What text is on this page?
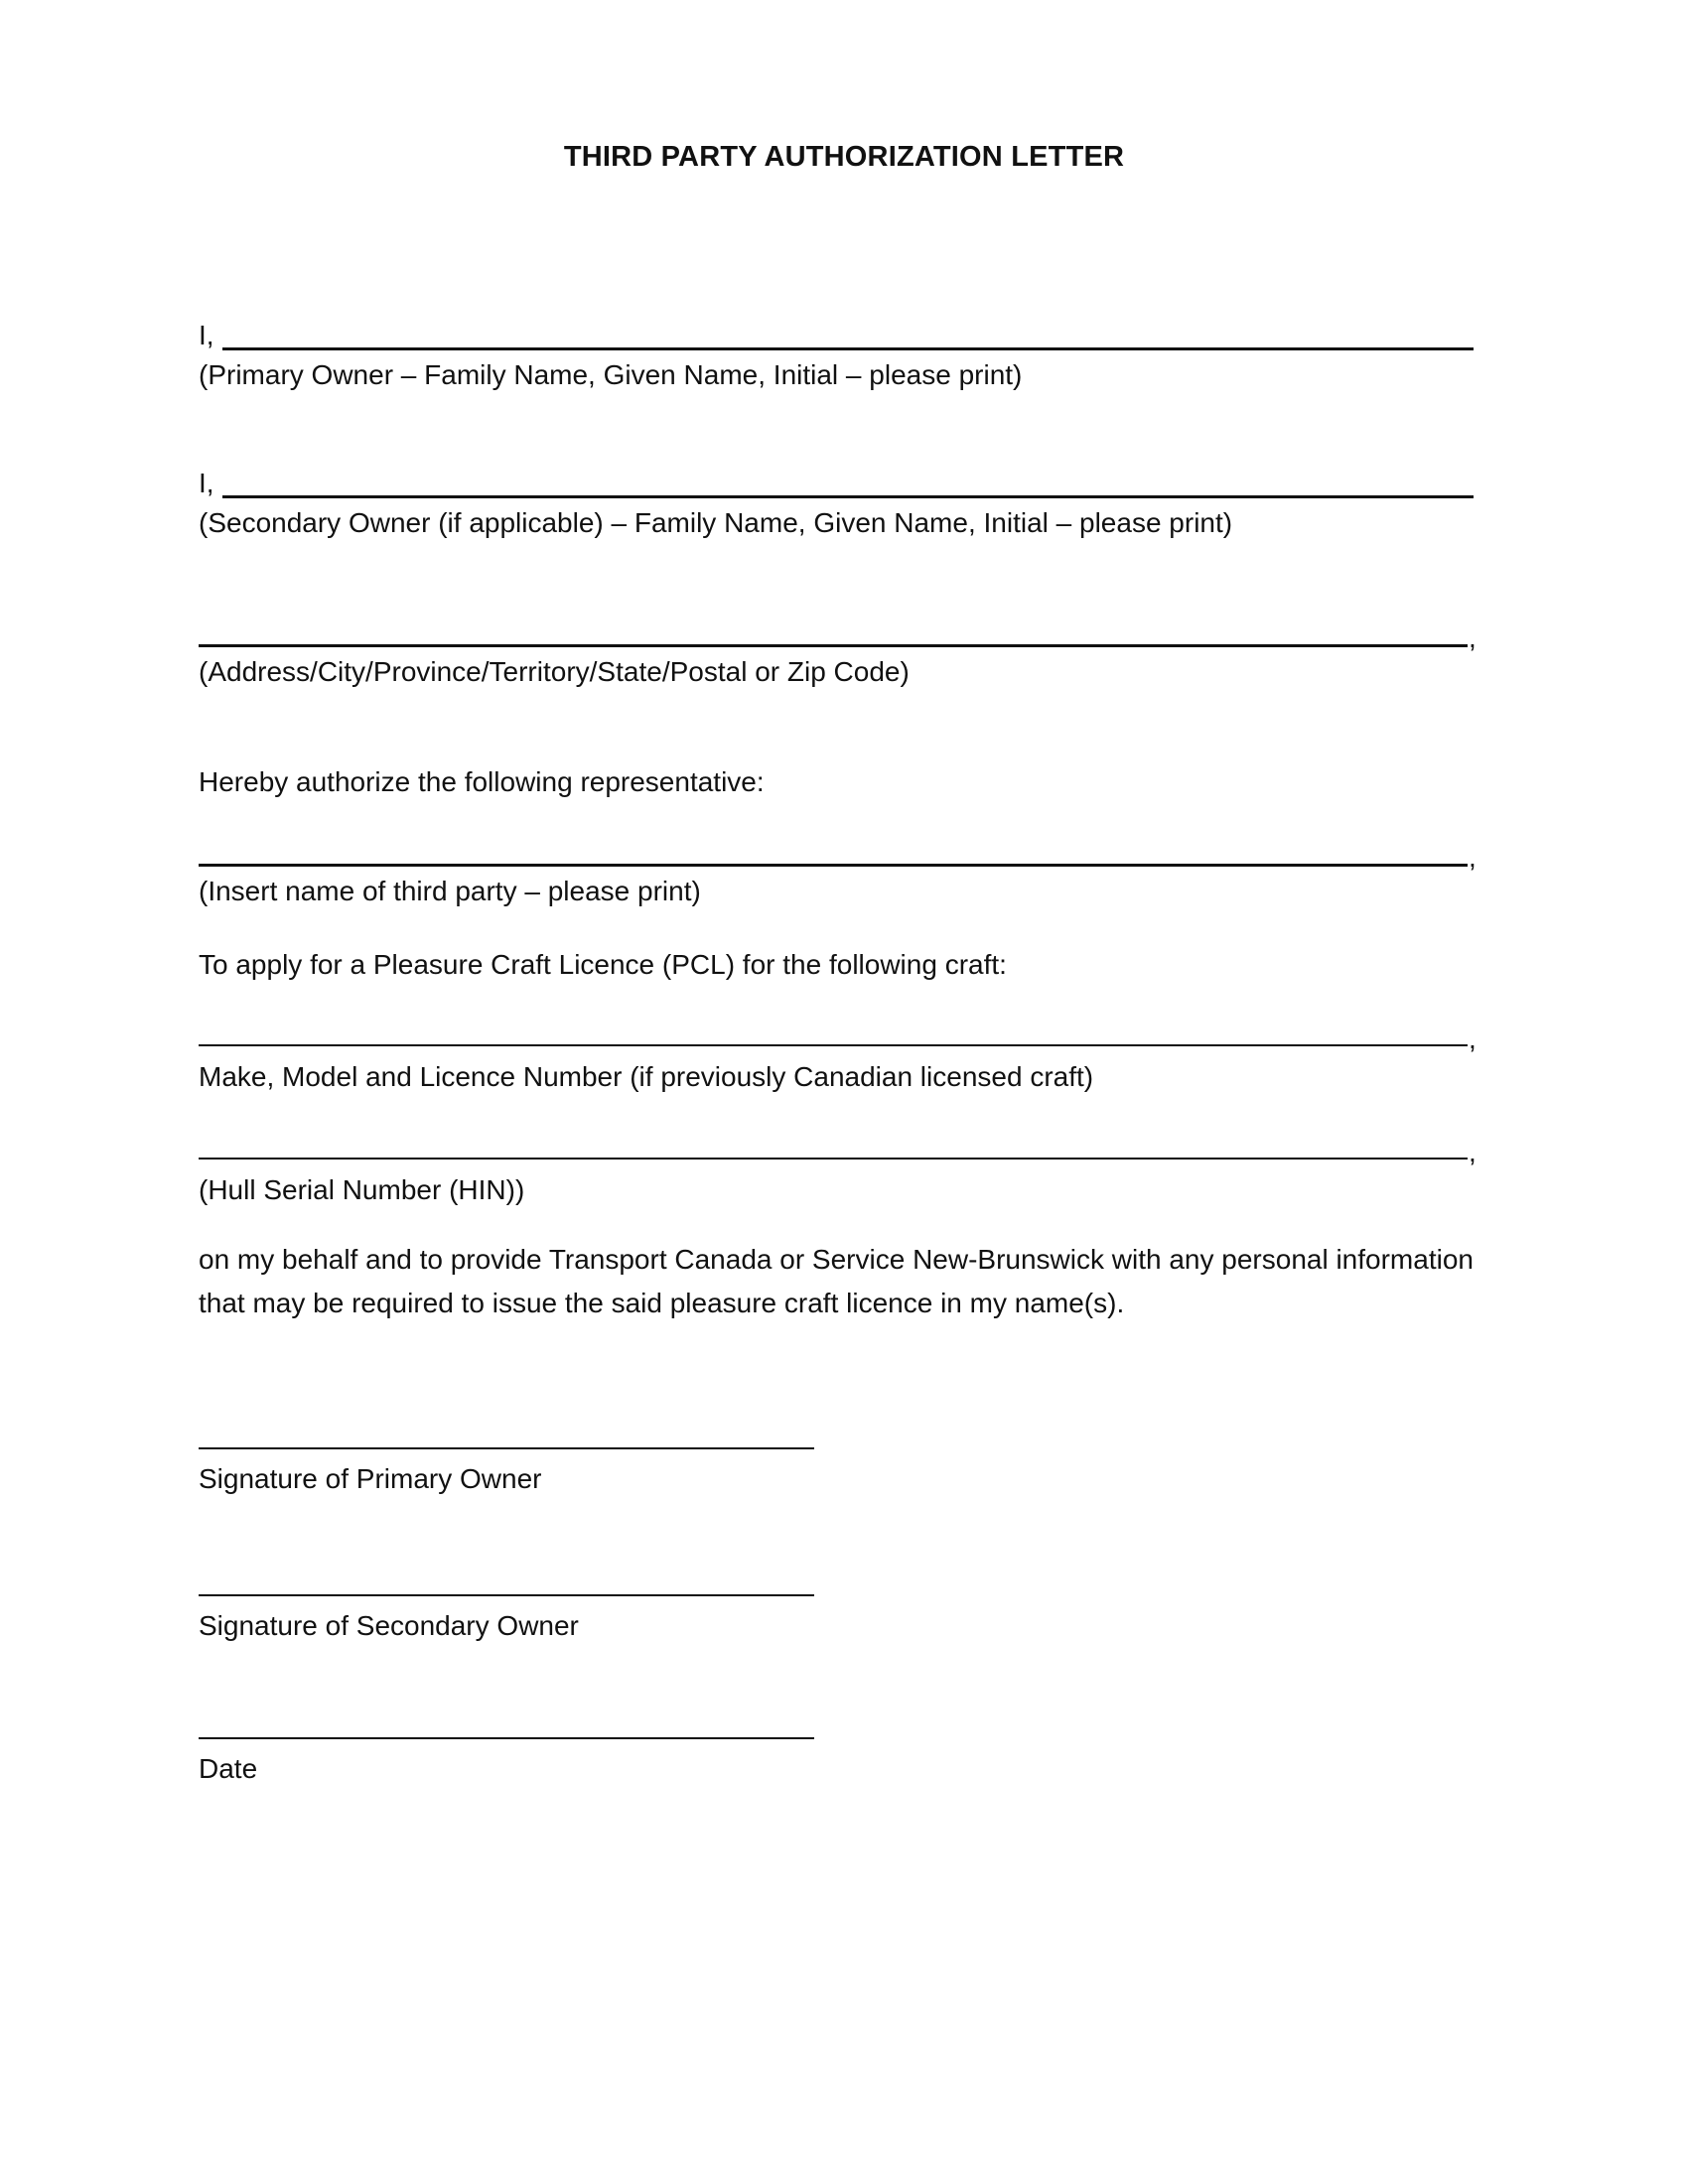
THIRD PARTY AUTHORIZATION LETTER
I,
(Primary Owner – Family Name, Given Name, Initial – please print)
I,
(Secondary Owner (if applicable) – Family Name, Given Name, Initial – please print)
,
(Address/City/Province/Territory/State/Postal or Zip Code)
Hereby authorize the following representative:
,
(Insert name of third party – please print)
To apply for a Pleasure Craft Licence (PCL) for the following craft:
,
Make, Model and Licence Number (if previously Canadian licensed craft)
,
(Hull Serial Number (HIN))
on my behalf and to provide Transport Canada or Service New-Brunswick with any personal information that may be required to issue the said pleasure craft licence in my name(s).
Signature of Primary Owner
Signature of Secondary Owner
Date
